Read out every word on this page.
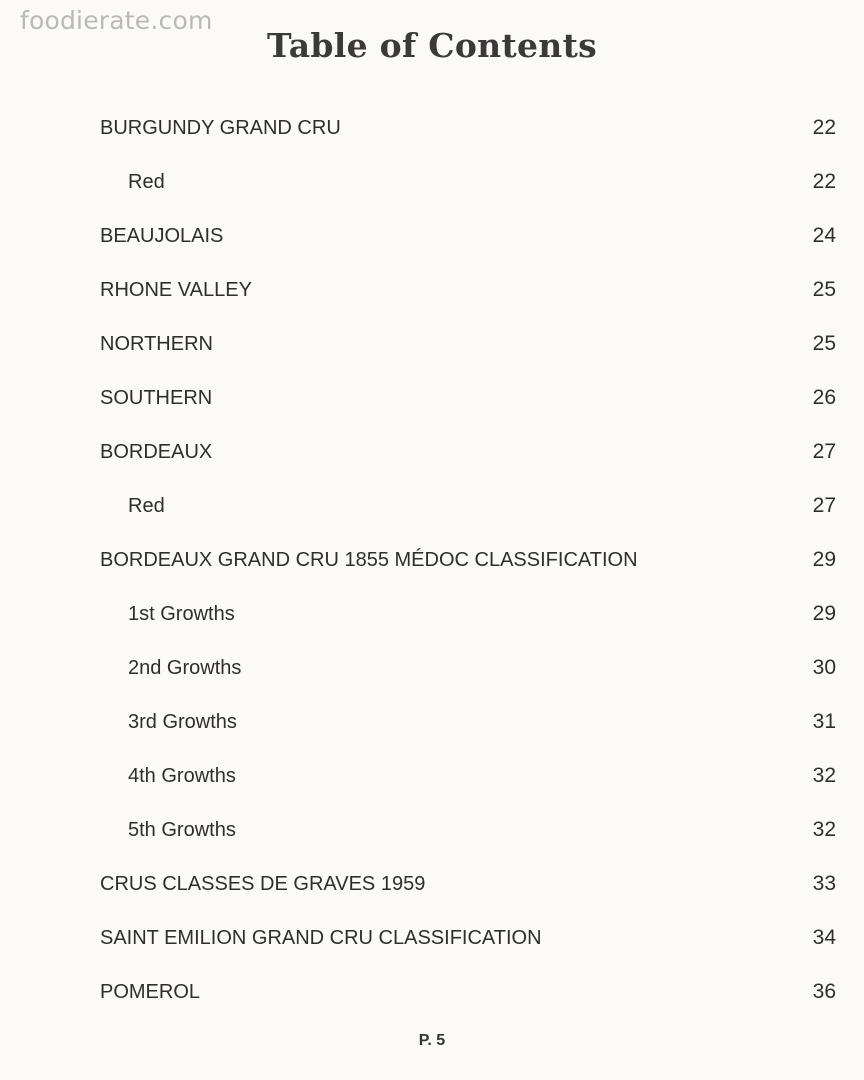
foodierate.com
Table of Contents
BURGUNDY GRAND CRU	22
Red	22
BEAUJOLAIS	24
RHONE VALLEY	25
NORTHERN	25
SOUTHERN	26
BORDEAUX	27
Red	27
BORDEAUX GRAND CRU 1855 MÉDOC CLASSIFICATION	29
1st Growths	29
2nd Growths	30
3rd Growths	31
4th Growths	32
5th Growths	32
CRUS CLASSES DE GRAVES 1959	33
SAINT EMILION GRAND CRU CLASSIFICATION	34
POMEROL	36
P. 5
